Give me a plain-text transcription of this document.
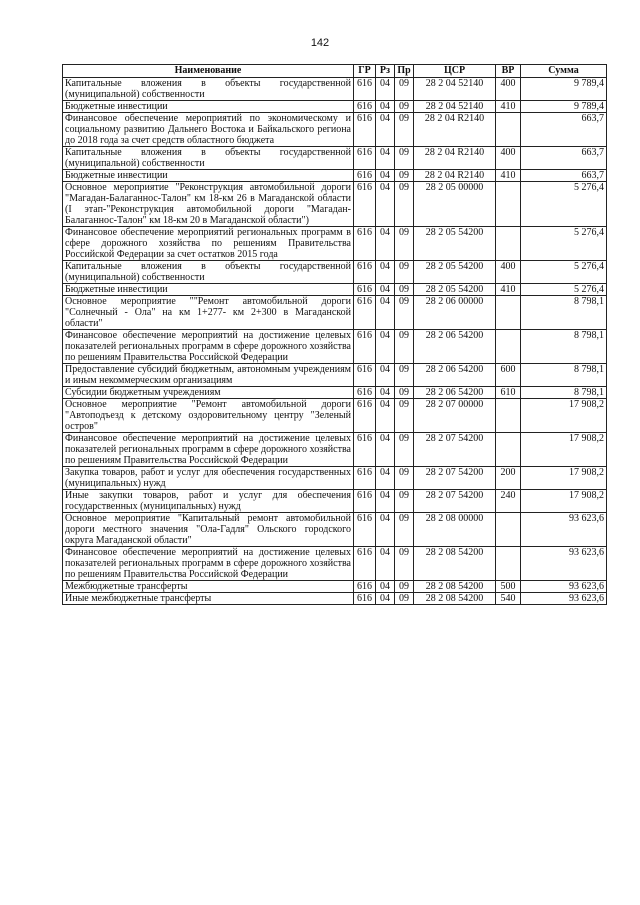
142
Наименование	ГР	Рз	Пр	ЦСР	ВР	Сумма
Капитальные вложения в объекты государственной (муниципальной) собственности	616	04	09	28 2 04 52140	400	9 789,4
Бюджетные инвестиции	616	04	09	28 2 04 52140	410	9 789,4
Финансовое обеспечение мероприятий по экономическому и социальному развитию Дальнего Востока и Байкальского региона до 2018 года за счет средств областного бюджета	616	04	09	28 2 04 R2140		663,7
Капитальные вложения в объекты государственной (муниципальной) собственности	616	04	09	28 2 04 R2140	400	663,7
Бюджетные инвестиции	616	04	09	28 2 04 R2140	410	663,7
Основное мероприятие "Реконструкция автомобильной дороги "Магадан-Балаганнос-Талон" км 18-км 26 в Магаданской области (I этап-"Реконструкция автомобильной дороги "Магадан-Балаганнос-Талон" км 18-км 20 в Магаданской области")	616	04	09	28 2 05 00000		5 276,4
Финансовое обеспечение мероприятий региональных программ в сфере дорожного хозяйства по решениям Правительства Российской Федерации за счет остатков 2015 года	616	04	09	28 2 05 54200		5 276,4
Капитальные вложения в объекты государственной (муниципальной) собственности	616	04	09	28 2 05 54200	400	5 276,4
Бюджетные инвестиции	616	04	09	28 2 05 54200	410	5 276,4
Основное мероприятие ""Ремонт автомобильной дороги "Солнечный - Ола" на км 1+277- км 2+300 в Магаданской области"	616	04	09	28 2 06 00000		8 798,1
Финансовое обеспечение мероприятий на достижение целевых показателей региональных программ в сфере дорожного хозяйства по решениям Правительства Российской Федерации	616	04	09	28 2 06 54200		8 798,1
Предоставление субсидий бюджетным, автономным учреждениям и иным некоммерческим организациям	616	04	09	28 2 06 54200	600	8 798,1
Субсидии бюджетным учреждениям	616	04	09	28 2 06 54200	610	8 798,1
Основное мероприятие "Ремонт автомобильной дороги "Автоподъезд к детскому оздоровительному центру "Зеленый остров"	616	04	09	28 2 07 00000		17 908,2
Финансовое обеспечение мероприятий на достижение целевых показателей региональных программ в сфере дорожного хозяйства по решениям Правительства Российской Федерации	616	04	09	28 2 07 54200		17 908,2
Закупка товаров, работ и услуг для обеспечения государственных (муниципальных) нужд	616	04	09	28 2 07 54200	200	17 908,2
Иные закупки товаров, работ и услуг для обеспечения государственных (муниципальных) нужд	616	04	09	28 2 07 54200	240	17 908,2
Основное мероприятие "Капитальный ремонт автомобильной дороги местного значения "Ола-Гадля" Ольского городского округа Магаданской области"	616	04	09	28 2 08 00000		93 623,6
Финансовое обеспечение мероприятий на достижение целевых показателей региональных программ в сфере дорожного хозяйства по решениям Правительства Российской Федерации	616	04	09	28 2 08 54200		93 623,6
Межбюджетные трансферты	616	04	09	28 2 08 54200	500	93 623,6
Иные межбюджетные трансферты	616	04	09	28 2 08 54200	540	93 623,6
